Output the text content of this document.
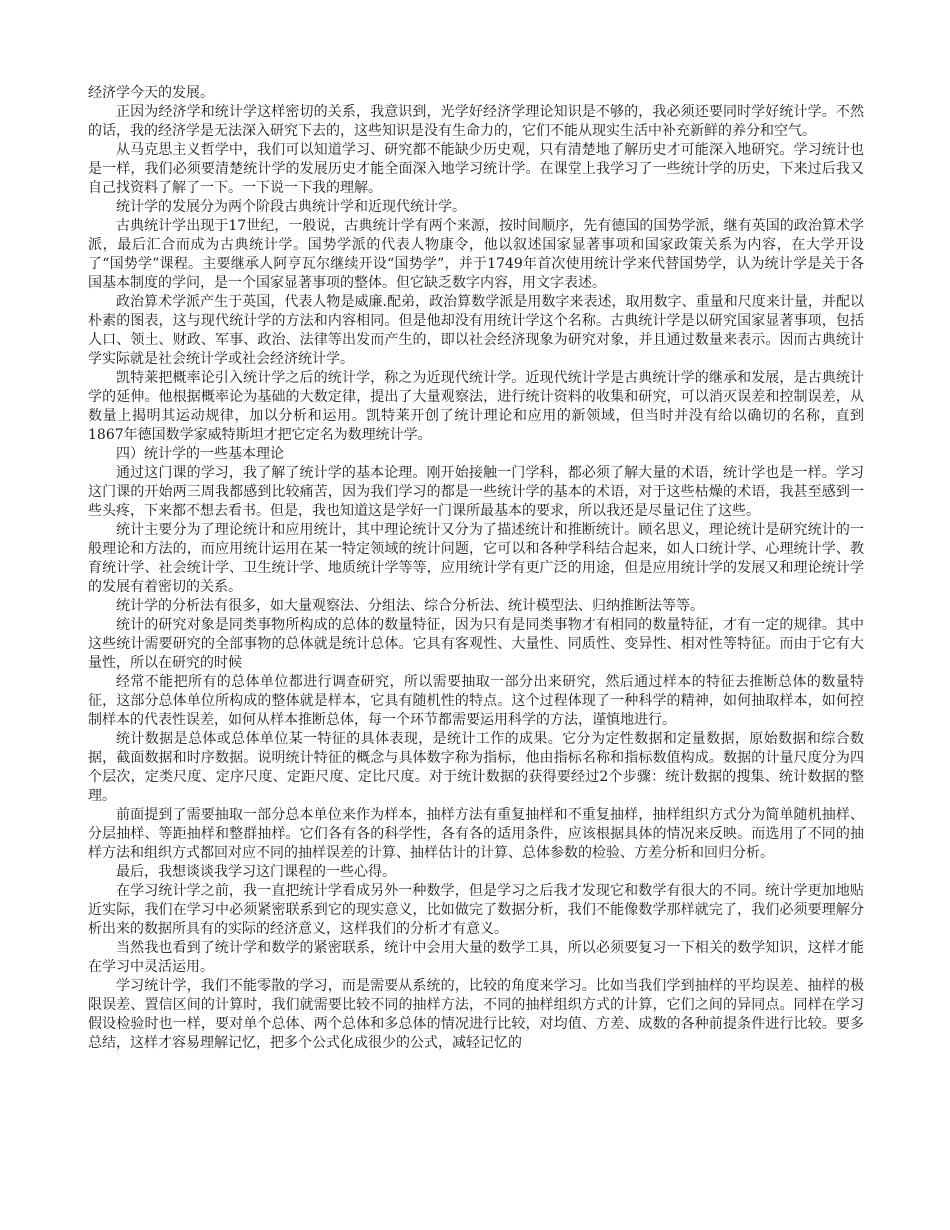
经济学今天的发展。

正因为经济学和统计学这样密切的关系，我意识到，光学好经济学理论知识是不够的，我必须还要同时学好统计学。不然的话，我的经济学是无法深入研究下去的，这些知识是没有生命力的，它们不能从现实生活中补充新鲜的养分和空气。

从马克思主义哲学中，我们可以知道学习、研究都不能缺少历史观，只有清楚地了解历史才可能深入地研究。学习统计也是一样，我们必须要清楚统计学的发展历史才能全面深入地学习统计学。在课堂上我学习了一些统计学的历史，下来过后我又自己找资料了解了一下。一下说一下我的理解。

统计学的发展分为两个阶段古典统计学和近现代统计学。

古典统计学出现于17世纪，一般说，古典统计学有两个来源，按时间顺序，先有德国的国势学派，继有英国的政治算术学派，最后汇合而成为古典统计学。国势学派的代表人物康令，他以叙述国家显著事项和国家政策关系为内容，在大学开设了“国势学”课程。主要继承人阿亨瓦尔继续开设“国势学”，并于1749年首次使用统计学来代替国势学，认为统计学是关于各国基本制度的学问，是一个国家显著事项的整体。但它缺乏数字内容，用文字表述。

政治算术学派产生于英国，代表人物是威廉.配弟，政治算数学派是用数字来表述，取用数字、重量和尺度来计量，并配以朴素的图表，这与现代统计学的方法和内容相同。但是他却没有用统计学这个名称。古典统计学是以研究国家显著事项，包括人口、领土、财政、军事、政治、法律等出发而产生的，即以社会经济现象为研究对象，并且通过数量来表示。因而古典统计学实际就是社会统计学或社会经济统计学。

凯特莱把概率论引入统计学之后的统计学，称之为近现代统计学。近现代统计学是古典统计学的继承和发展，是古典统计学的延伸。他根据概率论为基础的大数定律，提出了大量观察法，进行统计资料的收集和研究，可以消灭误差和控制误差，从数量上揭明其运动规律，加以分析和运用。凯特莱开创了统计理论和应用的新领域，但当时并没有给以确切的名称，直到1867年德国数学家威特斯坦才把它定名为数理统计学。

四）统计学的一些基本理论

通过这门课的学习，我了解了统计学的基本论理。刚开始接触一门学科，都必须了解大量的术语，统计学也是一样。学习这门课的开始两三周我都感到比较痛苦，因为我们学习的都是一些统计学的基本的术语，对于这些枯燥的术语，我甚至感到一些头疼，下来都不想去看书。但是，我也知道这是学好一门课所最基本的要求，所以我还是尽量记住了这些。

统计主要分为了理论统计和应用统计，其中理论统计又分为了描述统计和推断统计。顾名思义，理论统计是研究统计的一般理论和方法的，而应用统计运用在某一特定领域的统计问题，它可以和各种学科结合起来，如人口统计学、心理统计学、教育统计学、社会统计学、卫生统计学、地质统计学等等，应用统计学有更广泛的用途，但是应用统计学的发展又和理论统计学的发展有着密切的关系。

统计学的分析法有很多，如大量观察法、分组法、综合分析法、统计模型法、归纳推断法等等。

统计的研究对象是同类事物所构成的总体的数量特征，因为只有是同类事物才有相同的数量特征，才有一定的规律。其中这些统计需要研究的全部事物的总体就是统计总体。它具有客观性、大量性、同质性、变异性、相对性等特征。而由于它有大量性，所以在研究的时候

经常不能把所有的总体单位都进行调查研究，所以需要抽取一部分出来研究，然后通过样本的特征去推断总体的数量特征，这部分总体单位所构成的整体就是样本，它具有随机性的特点。这个过程体现了一种科学的精神，如何抽取样本，如何控制样本的代表性误差，如何从样本推断总体，每一个环节都需要运用科学的方法，谨慎地进行。

统计数据是总体或总体单位某一特征的具体表现，是统计工作的成果。它分为定性数据和定量数据，原始数据和综合数据，截面数据和时序数据。说明统计特征的概念与具体数字称为指标，他由指标名称和指标数值构成。数据的计量尺度分为四个层次，定类尺度、定序尺度、定距尺度、定比尺度。对于统计数据的获得要经过2个步骤：统计数据的搜集、统计数据的整理。

前面提到了需要抽取一部分总本单位来作为样本，抽样方法有重复抽样和不重复抽样，抽样组织方式分为简单随机抽样、分层抽样、等距抽样和整群抽样。它们各有各的科学性，各有各的适用条件，应该根据具体的情况来反映。而选用了不同的抽样方法和组织方式都回对应不同的抽样误差的计算、抽样估计的计算、总体参数的检验、方差分析和回归分析。

最后，我想谈谈我学习这门课程的一些心得。

在学习统计学之前，我一直把统计学看成另外一种数学，但是学习之后我才发现它和数学有很大的不同。统计学更加地贴近实际，我们在学习中必须紧密联系到它的现实意义，比如做完了数据分析，我们不能像数学那样就完了，我们必须要理解分析出来的数据所具有的实际的经济意义，这样我们的分析才有意义。

当然我也看到了统计学和数学的紧密联系，统计中会用大量的数学工具，所以必须要复习一下相关的数学知识，这样才能在学习中灵活运用。

学习统计学，我们不能零散的学习，而是需要从系统的，比较的角度来学习。比如当我们学到抽样的平均误差、抽样的极限误差、置信区间的计算时，我们就需要比较不同的抽样方法，不同的抽样组织方式的计算，它们之间的异同点。同样在学习假设检验时也一样，要对单个总体、两个总体和多总体的情况进行比较，对均值、方差、成数的各种前提条件进行比较。要多总结，这样才容易理解记忆，把多个公式化成很少的公式，减轻记忆的
